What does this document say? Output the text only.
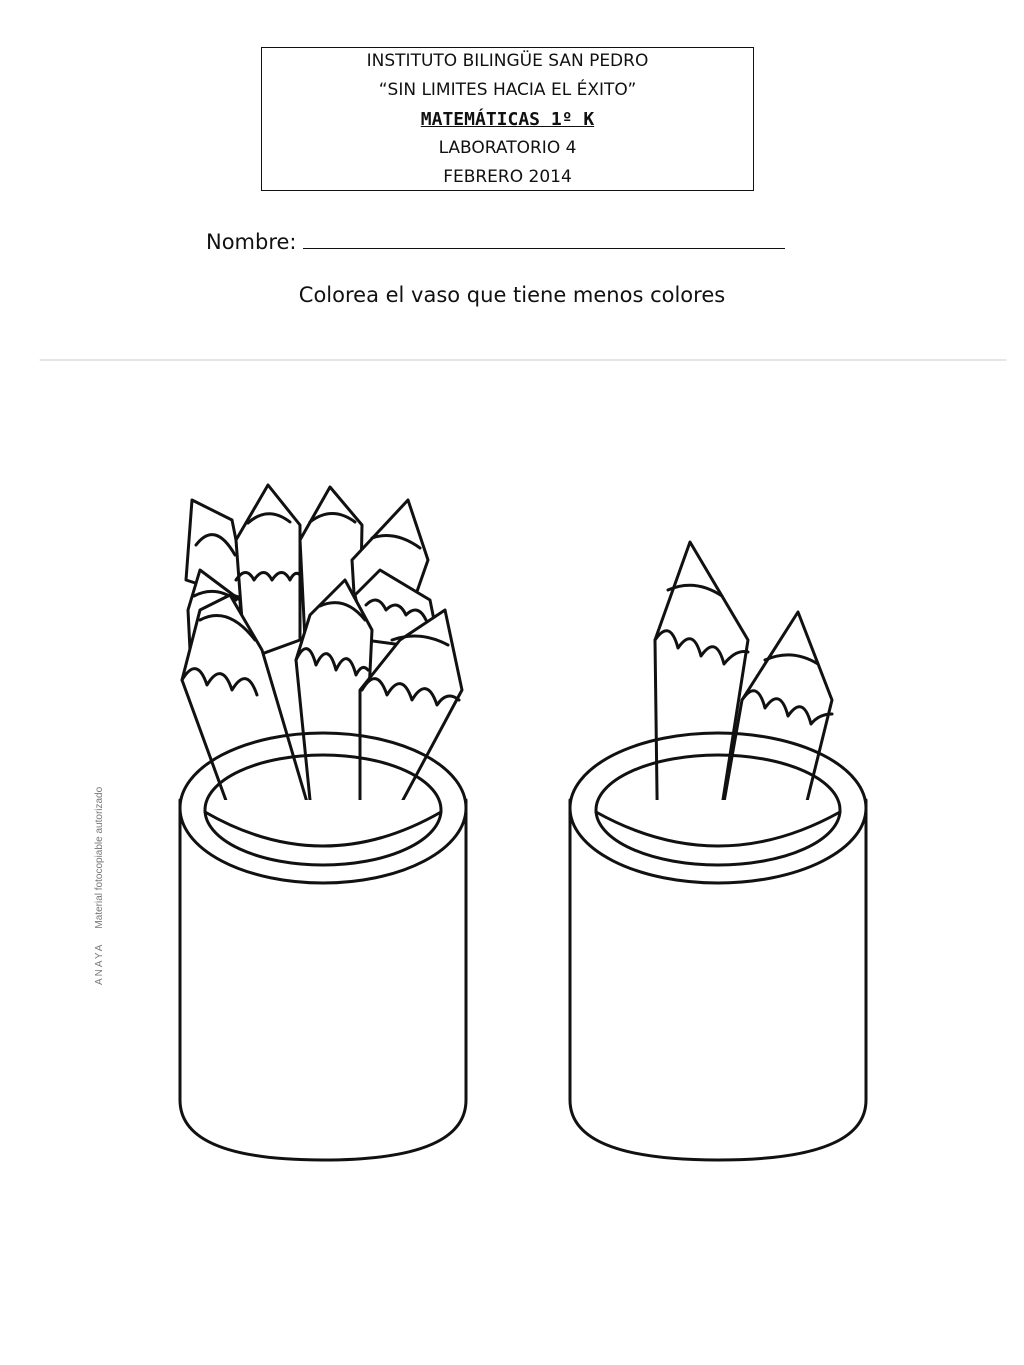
INSTITUTO BILINGÜE SAN PEDRO
“SIN LIMITES HACIA EL ÉXITO”
MATEMÁTICAS 1º K
LABORATORIO 4
FEBRERO 2014
Nombre:
Colorea el vaso que tiene menos colores
ANAYAMaterial fotocopiable autorizado
